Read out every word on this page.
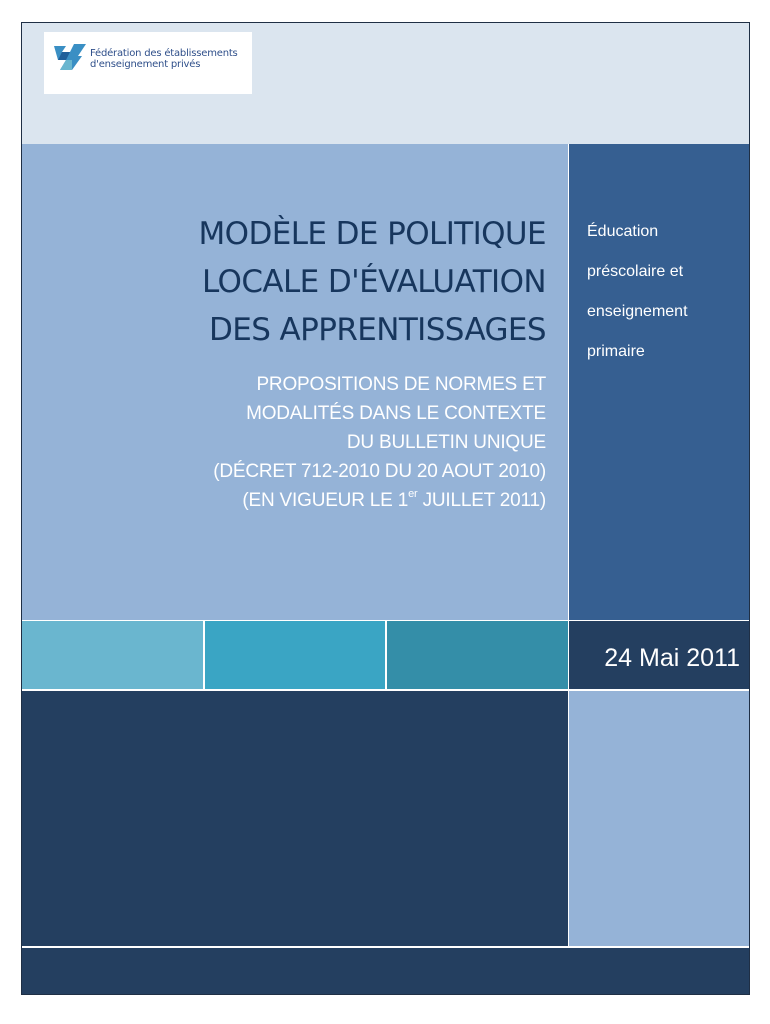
Fédération des établissements
d'enseignement privés
MODÈLE DE POLITIQUE
LOCALE D'ÉVALUATION
DES APPRENTISSAGES
PROPOSITIONS DE NORMES ET
MODALITÉS DANS LE CONTEXTE
DU BULLETIN UNIQUE
(DÉCRET 712-2010 DU 20 AOUT 2010)
(EN VIGUEUR LE 1er JUILLET 2011)
Éducation
préscolaire et
enseignement
primaire
24 Mai 2011
